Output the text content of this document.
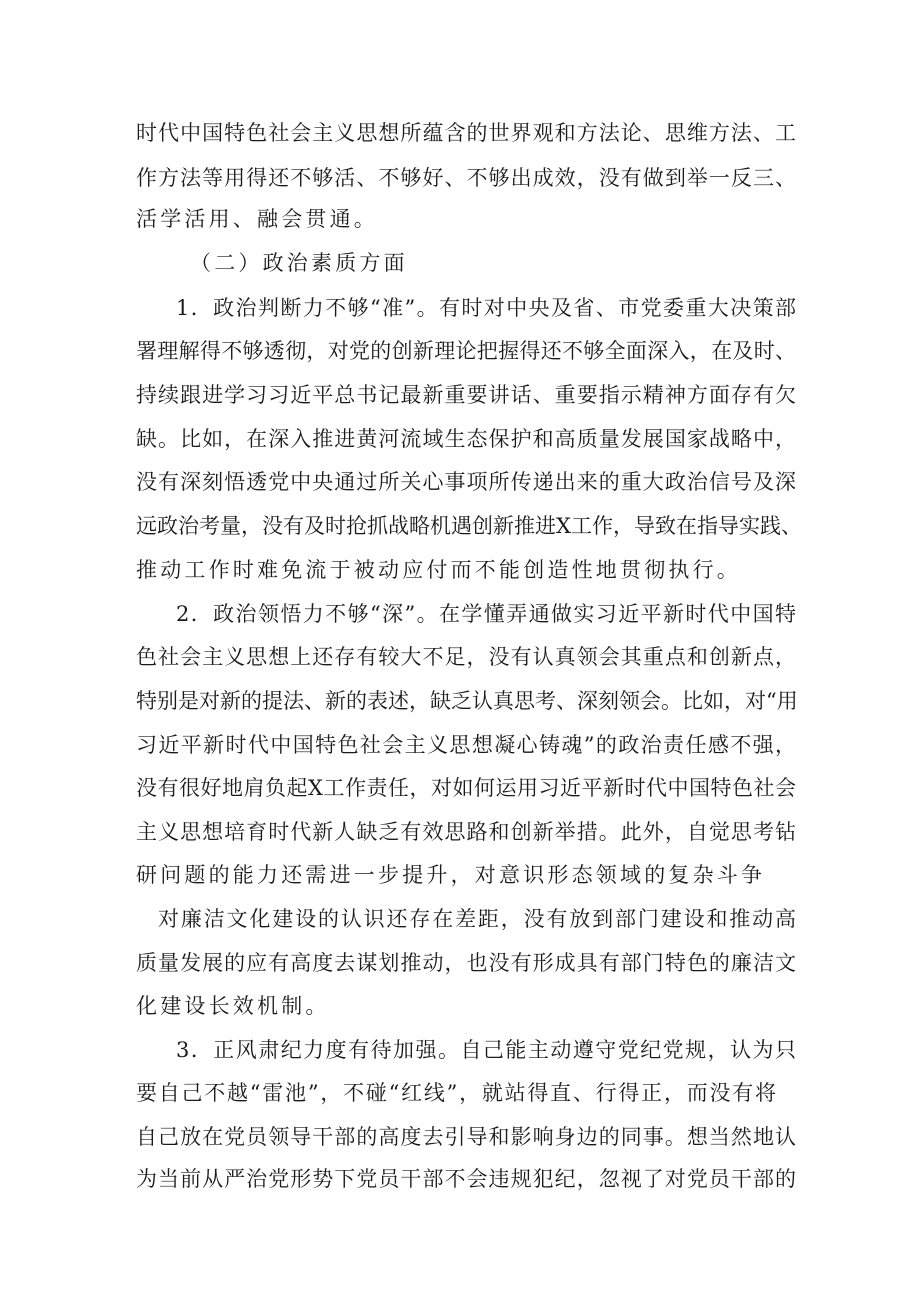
时代中国特色社会主义思想所蕴含的世界观和方法论、思维方法、工
作方法等用得还不够活、不够好、不够出成效，没有做到举一反三、
活学活用、融会贯通。
（二）政治素质方面
1．政治判断力不够“准”。有时对中央及省、市党委重大决策部
署理解得不够透彻，对党的创新理论把握得还不够全面深入，在及时、
持续跟进学习习近平总书记最新重要讲话、重要指示精神方面存有欠
缺。比如，在深入推进黄河流域生态保护和高质量发展国家战略中，
没有深刻悟透党中央通过所关心事项所传递出来的重大政治信号及深
远政治考量，没有及时抢抓战略机遇创新推进X工作，导致在指导实践、
推动工作时难免流于被动应付而不能创造性地贯彻执行。
2．政治领悟力不够“深”。在学懂弄通做实习近平新时代中国特
色社会主义思想上还存有较大不足，没有认真领会其重点和创新点，
特别是对新的提法、新的表述，缺乏认真思考、深刻领会。比如，对“用
习近平新时代中国特色社会主义思想凝心铸魂”的政治责任感不强，
没有很好地肩负起X工作责任，对如何运用习近平新时代中国特色社会
主义思想培育时代新人缺乏有效思路和创新举措。此外，自觉思考钻
研问题的能力还需进一步提升，对意识形态领域的复杂斗争
对廉洁文化建设的认识还存在差距，没有放到部门建设和推动高
质量发展的应有高度去谋划推动，也没有形成具有部门特色的廉洁文
化建设长效机制。
3．正风肃纪力度有待加强。自己能主动遵守党纪党规，认为只
要自己不越“雷池”，不碰“红线”，就站得直、行得正，而没有将
自己放在党员领导干部的高度去引导和影响身边的同事。想当然地认
为当前从严治党形势下党员干部不会违规犯纪，忽视了对党员干部的
